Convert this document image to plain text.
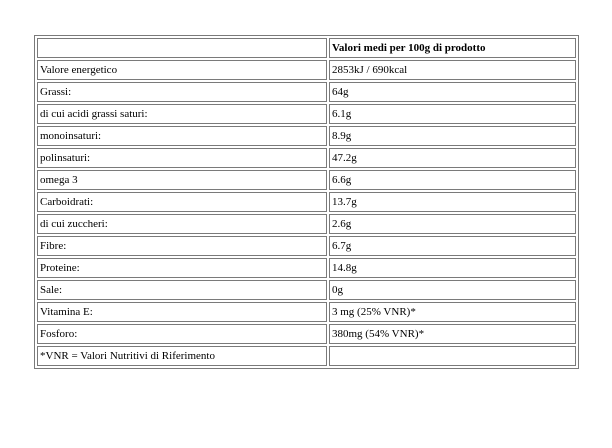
	Valori medi per 100g di prodotto
Valore energetico	2853kJ / 690kcal
Grassi:	64g
di cui acidi grassi saturi:	6.1g
monoinsaturi:	8.9g
polinsaturi:	47.2g
omega 3	6.6g
Carboidrati:	13.7g
di cui zuccheri:	2.6g
Fibre:	6.7g
Proteine:	14.8g
Sale:	0g
Vitamina E:	3 mg (25% VNR)*
Fosforo:	380mg (54% VNR)*
*VNR = Valori Nutritivi di Riferimento	
